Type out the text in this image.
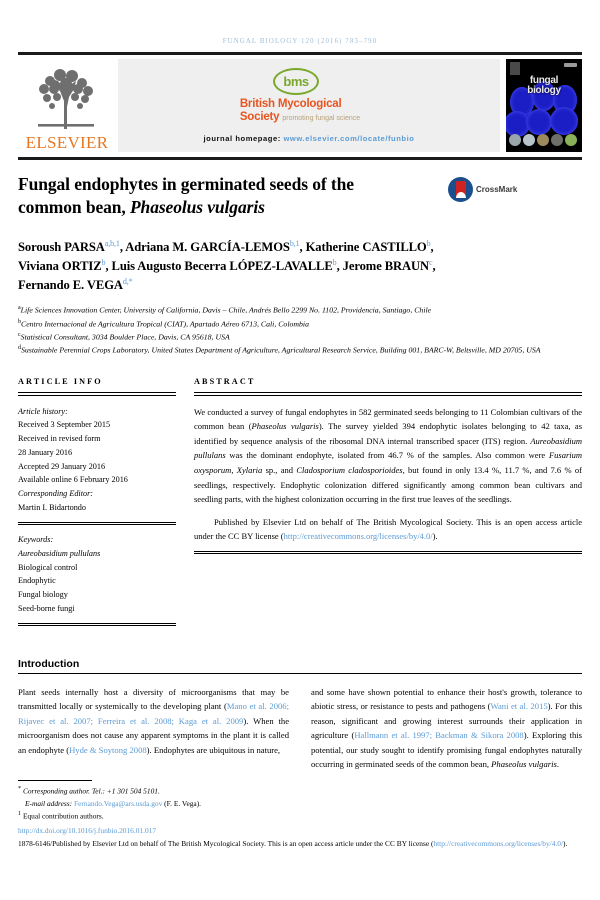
FUNGAL BIOLOGY 120 (2016) 783–790
ELSEVIER
bms
British Mycological
Society promoting fungal science
journal homepage: www.elsevier.com/locate/funbio
fungal
biology
Fungal endophytes in germinated seeds of the
common bean, Phaseolus vulgaris
CrossMark
Soroush PARSA$^{a,b,1}$, Adriana M. GARCÍA-LEMOS$^{b,1}$, Katherine CASTILLO$^b$,
Viviana ORTIZ$^b$, Luis Augusto Becerra LÓPEZ-LAVALLE$^b$, Jerome BRAUN$^c$,
Fernando E. $VEGA^{d,*}$
$^a$Life Sciences Innovation Center, University of California, Davis – Chile, Andrés Bello 2299 No. 1102, Providencia, Santiago, Chile
$^b$Centro Internacional de Agricultura Tropical (CIAT), Apartado Aéreo 6713, Cali, Colombia
$^c$Statistical Consultant, 3034 Boulder Place, Davis, CA 95618, USA
$^d$Sustainable Perennial Crops Laboratory, United States Department of Agriculture, Agricultural Research Service, Building 001, BARC-W, Beltsville, MD 20705, USA
ARTICLE INFO
Article history:
Received 3 September 2015
Received in revised form
28 January 2016
Accepted 29 January 2016
Available online 6 February 2016
Corresponding Editor:
Martin I. Bidartondo
Keywords:
Aureobasidium pullulans
Biological control
Endophytic
Fungal biology
Seed-borne fungi
ABSTRACT
We conducted a survey of fungal endophytes in 582 germinated seeds belonging to 11 Colombian cultivars of the common bean (Phaseolus vulgaris). The survey yielded 394 endophytic isolates belonging to 42 taxa, as identified by sequence analysis of the ribosomal DNA internal transcribed spacer (ITS) region. Aureobasidium pullulans was the dominant endophyte, isolated from 46.7 % of the samples. Also common were Fusarium oxysporum, Xylaria sp., and Cladosporium cladosporioides, but found in only 13.4 %, 11.7 %, and 7.6 % of seedlings, respectively. Endophytic colonization differed significantly among common bean cultivars and seedling parts, with the highest colonization occurring in the first true leaves of the seedlings.
Published by Elsevier Ltd on behalf of The British Mycological Society. This is an open access article under the CC BY license (http://creativecommons.org/licenses/by/4.0/).
Introduction
Plant seeds internally host a diversity of microorganisms that may be transmitted locally or systemically to the developing plant (Mano et al. 2006; Rijavec et al. 2007; Ferreira et al. 2008; Kaga et al. 2009). When the microorganism does not cause any apparent symptoms in the plant it is called an endophyte (Hyde & Soytong 2008). Endophytes are ubiquitous in nature,
and some have shown potential to enhance their host's growth, tolerance to abiotic stress, or resistance to pests and pathogens (Wani et al. 2015). For this reason, significant and growing interest surrounds their application in agriculture (Hallmann et al. 1997; Backman & Sikora 2008). Exploring this potential, our study sought to identify promising fungal endophytes naturally occurring in germinated seeds of the common bean, Phaseolus vulgaris.
* Corresponding author. Tel.: +1 301 504 5101.
E-mail address: Fernando.Vega@ars.usda.gov (F. E. Vega).
$^1$ Equal contribution authors.
http://dx.doi.org/10.1016/j.funbio.2016.01.017
1878-6146/Published by Elsevier Ltd on behalf of The British Mycological Society. This is an open access article under the CC BY license (http://creativecommons.org/licenses/by/4.0/).
